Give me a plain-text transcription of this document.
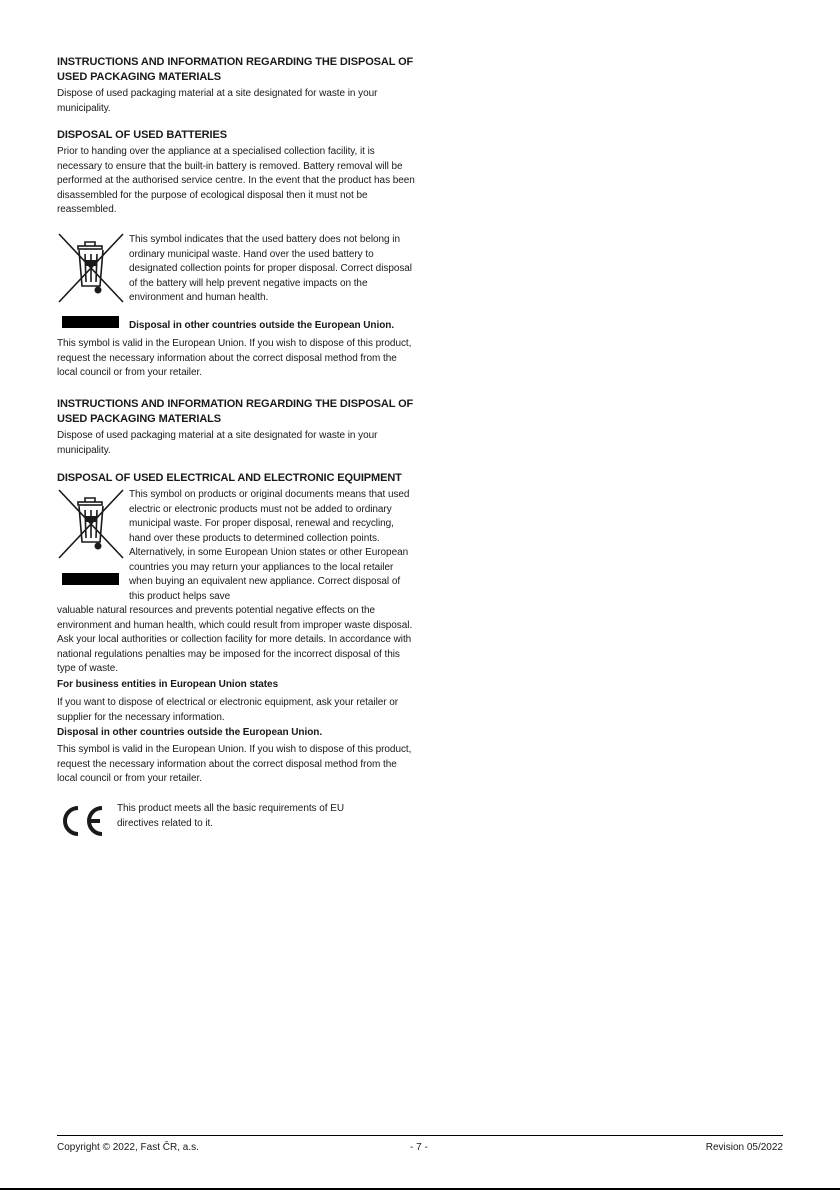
INSTRUCTIONS AND INFORMATION REGARDING THE DISPOSAL OF USED PACKAGING MATERIALS

Dispose of used packaging material at a site designated for waste in your municipality.

DISPOSAL OF USED BATTERIES

Prior to handing over the appliance at a specialised collection facility, it is necessary to ensure that the built-in battery is removed. Battery removal will be performed at the authorised service centre. In the event that the product has been disassembled for the purpose of ecological disposal then it must not be reassembled.

This symbol indicates that the used battery does not belong in ordinary municipal waste. Hand over the used battery to designated collection points for proper disposal. Correct disposal of the battery will help prevent negative impacts on the environment and human health.

Disposal in other countries outside the European Union.

This symbol is valid in the European Union. If you wish to dispose of this product, request the necessary information about the correct disposal method from the local council or from your retailer.

INSTRUCTIONS AND INFORMATION REGARDING THE DISPOSAL OF USED PACKAGING MATERIALS

Dispose of used packaging material at a site designated for waste in your municipality.

DISPOSAL OF USED ELECTRICAL AND ELECTRONIC EQUIPMENT

This symbol on products or original documents means that used electric or electronic products must not be added to ordinary municipal waste. For proper disposal, renewal and recycling, hand over these products to determined collection points. Alternatively, in some European Union states or other European countries you may return your appliances to the local retailer when buying an equivalent new appliance. Correct disposal of this product helps save

valuable natural resources and prevents potential negative effects on the environment and human health, which could result from improper waste disposal. Ask your local authorities or collection facility for more details. In accordance with national regulations penalties may be imposed for the incorrect disposal of this type of waste.

For business entities in European Union states

If you want to dispose of electrical or electronic equipment, ask your retailer or supplier for the necessary information.

Disposal in other countries outside the European Union.

This symbol is valid in the European Union. If you wish to dispose of this product, request the necessary information about the correct disposal method from the local council or from your retailer.

This product meets all the basic requirements of EU directives related to it.

Copyright © 2022, Fast ČR, a.s.	- 7 -	Revision 05/2022
